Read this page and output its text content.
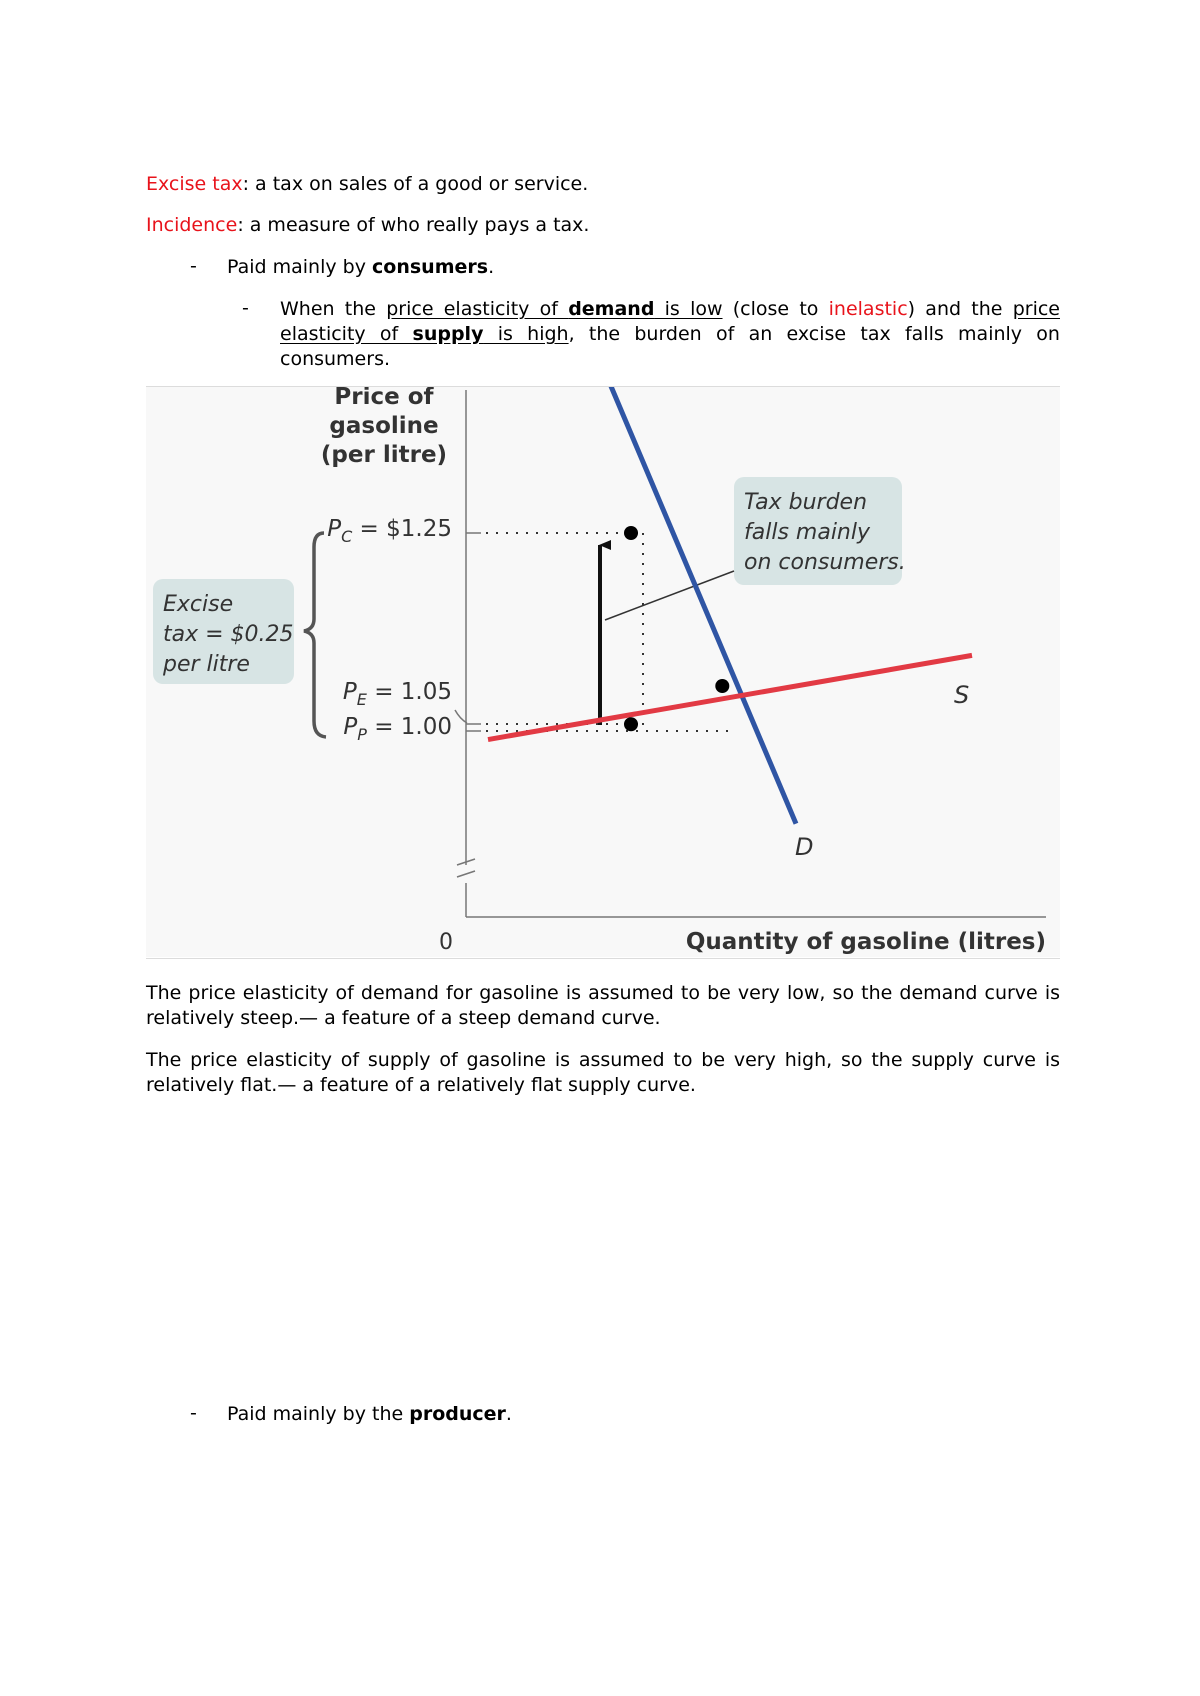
Excise tax: a tax on sales of a good or service.
Incidence: a measure of who really pays a tax.
- Paid mainly by consumers.
- When the price elasticity of demand is low (close to inelastic) and the price elasticity of supply is high, the burden of an excise tax falls mainly on consumers.
Price of
gasoline
(per litre)
0	Quantity of gasoline (litres)
$P_C$ = $1.25
$P_E = 1.05$
$P_P = 1.00$
Excise
tax = $0.25
per litre
Tax burden
falls mainly
on consumers.
D
S
The price elasticity of demand for gasoline is assumed to be very low, so the demand curve is relatively steep.— a feature of a steep demand curve.
The price elasticity of supply of gasoline is assumed to be very high, so the supply curve is relatively flat.— a feature of a relatively flat supply curve.
- Paid mainly by the producer.
